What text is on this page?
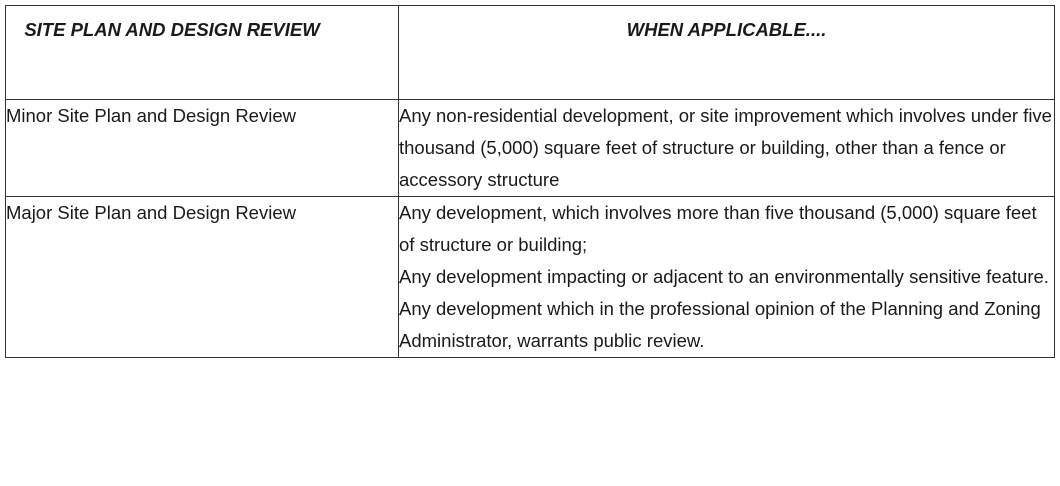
SITE PLAN AND DESIGN REVIEW	WHEN APPLICABLE....

Minor Site Plan and Design Review	Any non-residential development, or site improvement which involves under five thousand (5,000) square feet of structure or building, other than a fence or accessory structure

Major Site Plan and Design Review	Any development, which involves more than five thousand (5,000) square feet of structure or building;
Any development impacting or adjacent to an environmentally sensitive feature.
Any development which in the professional opinion of the Planning and Zoning Administrator, warrants public review.
